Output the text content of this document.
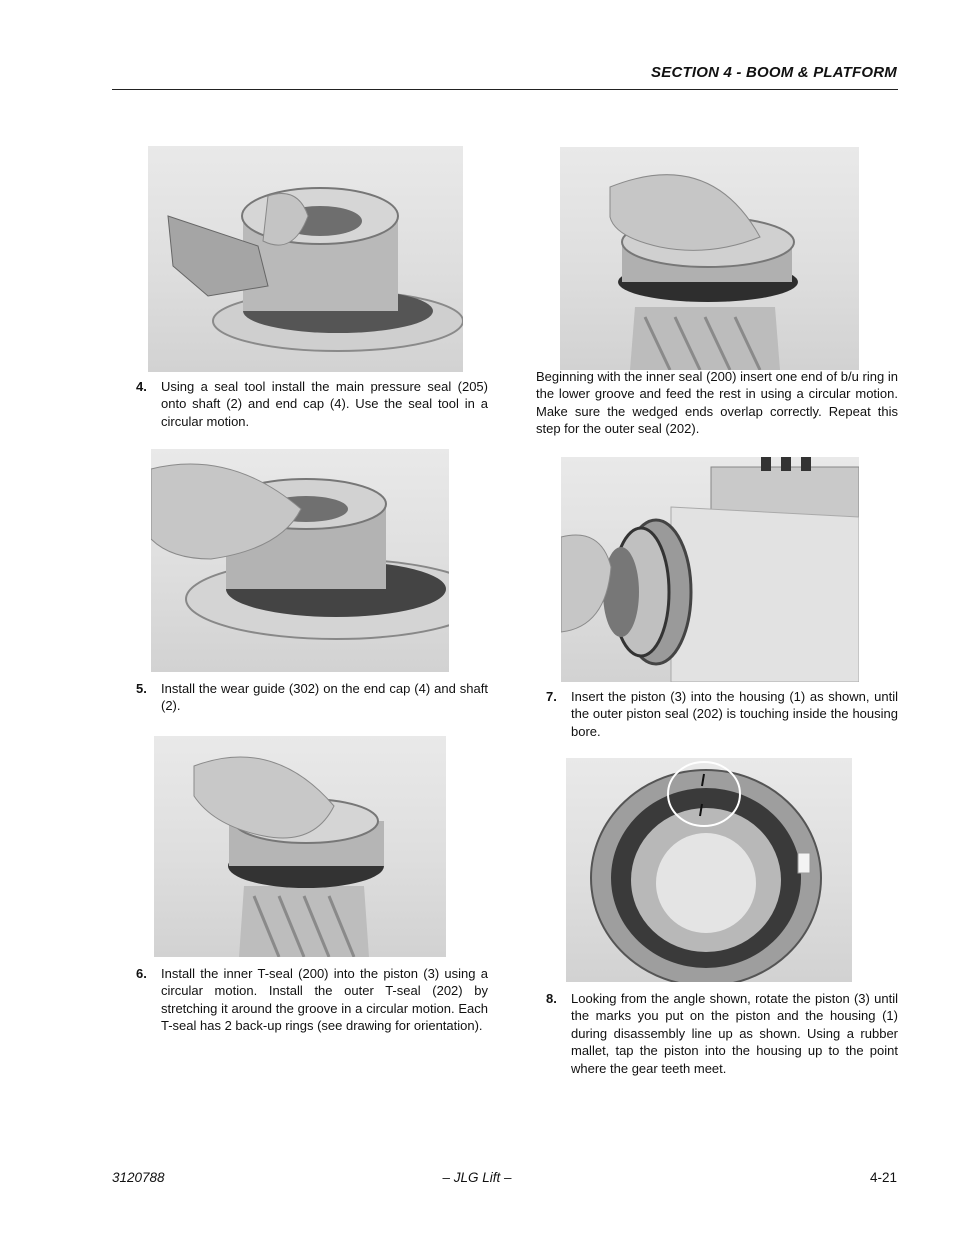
SECTION 4 - BOOM & PLATFORM
4. Using a seal tool install the main pressure seal (205) onto shaft (2) and end cap (4). Use the seal tool in a circular motion.
5. Install the wear guide (302) on the end cap (4) and shaft (2).
6. Install the inner T-seal (200) into the piston (3) using a circular motion. Install the outer T-seal (202) by stretching it around the groove in a circular motion. Each T-seal has 2 back-up rings (see drawing for orientation).
Beginning with the inner seal (200) insert one end of b/u ring in the lower groove and feed the rest in using a circular motion. Make sure the wedged ends overlap correctly. Repeat this step for the outer seal (202).
7. Insert the piston (3) into the housing (1) as shown, until the outer piston seal (202) is touching inside the housing bore.
8. Looking from the angle shown, rotate the piston (3) until the marks you put on the piston and the housing (1) during disassembly line up as shown. Using a rubber mallet, tap the piston into the housing up to the point where the gear teeth meet.
3120788	– JLG Lift –	4-21
